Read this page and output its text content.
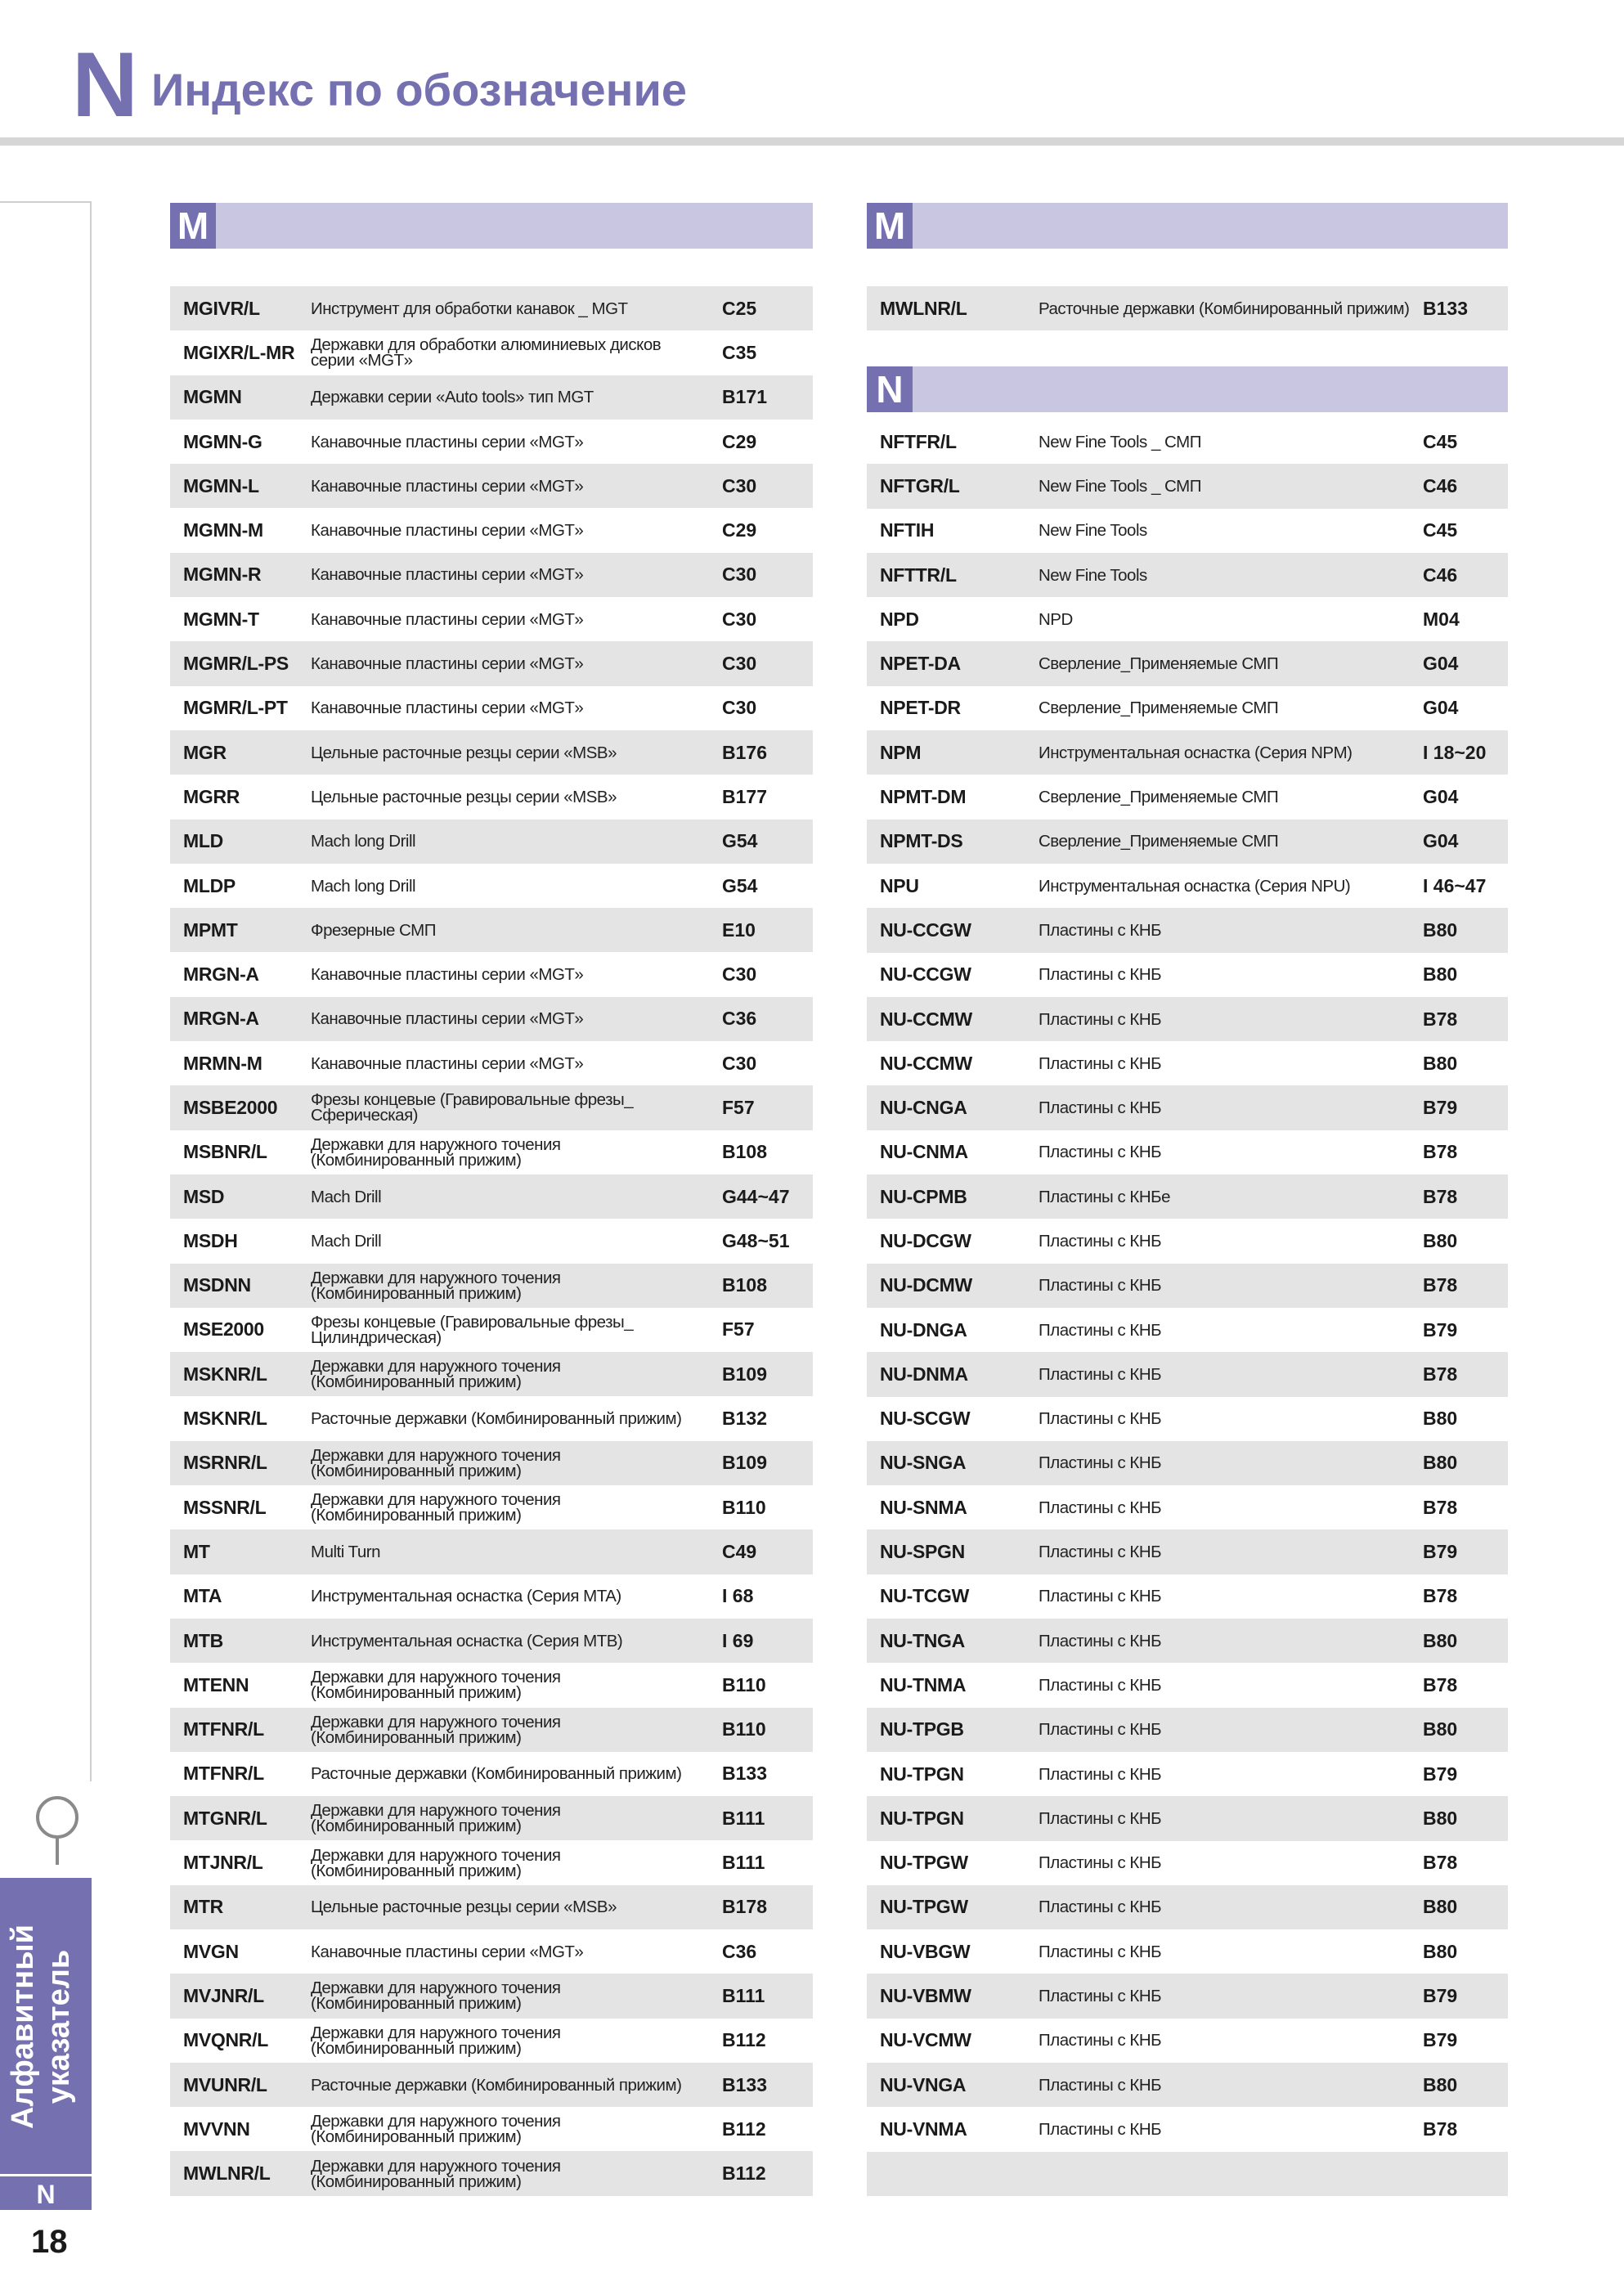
N Индекс по обозначение
Алфавитный указатель
N
18
M
MGIVR/L	Инструмент для обработки канавок _ MGT	C25
MGIXR/L-MR Державки для обработки алюминиевых дисков серии «MGT»	C35
MGMN	Державки серии «Auto tools» тип MGT	B171
MGMN-G	Канавочные пластины серии «MGT»	C29
MGMN-L	Канавочные пластины серии «MGT»	C30
MGMN-M	Канавочные пластины серии «MGT»	C29
MGMN-R	Канавочные пластины серии «MGT»	C30
MGMN-T	Канавочные пластины серии «MGT»	C30
MGMR/L-PS Канавочные пластины серии «MGT»	C30
MGMR/L-PT Канавочные пластины серии «MGT»	C30
MGR	Цельные расточные резцы серии «MSB»	B176
MGRR	Цельные расточные резцы серии «MSB»	B177
MLD	Mach long Drill	G54
MLDP	Mach long Drill	G54
MPMT	Фрезерные СМП	E10
MRGN-A	Канавочные пластины серии «MGT»	C30
MRGN-A	Канавочные пластины серии «MGT»	C36
MRMN-M	Канавочные пластины серии «MGT»	C30
MSBE2000 Фрезы концевые (Гравировальные фрезы_ Сферическая)	F57
MSBNR/L	Державки для наружного точения (Комбинированный прижим)	B108
MSD	Mach Drill	G44~47
MSDH	Mach Drill	G48~51
MSDNN	Державки для наружного точения (Комбинированный прижим)	B108
MSE2000	Фрезы концевые (Гравировальные фрезы_ Цилиндрическая)	F57
MSKNR/L	Державки для наружного точения (Комбинированный прижим)	B109
MSKNR/L	Расточные державки (Комбинированный прижим)	B132
MSRNR/L	Державки для наружного точения (Комбинированный прижим)	B109
MSSNR/L	Державки для наружного точения (Комбинированный прижим)	B110
MT	Multi Turn	C49
MTA	Инструментальная оснастка (Серия MTA)	I 68
MTB	Инструментальная оснастка (Серия MTB)	I 69
MTENN	Державки для наружного точения (Комбинированный прижим)	B110
MTFNR/L	Державки для наружного точения (Комбинированный прижим)	B110
MTFNR/L	Расточные державки (Комбинированный прижим)	B133
MTGNR/L	Державки для наружного точения (Комбинированный прижим)	B111
MTJNR/L	Державки для наружного точения (Комбинированный прижим)	B111
MTR	Цельные расточные резцы серии «MSB»	B178
MVGN	Канавочные пластины серии «MGT»	C36
MVJNR/L	Державки для наружного точения (Комбинированный прижим)	B111
MVQNR/L	Державки для наружного точения (Комбинированный прижим)	B112
MVUNR/L	Расточные державки (Комбинированный прижим)	B133
MVVNN	Державки для наружного точения (Комбинированный прижим)	B112
MWLNR/L Державки для наружного точения (Комбинированный прижим)	B112
M
MWLNR/L	Расточные державки (Комбинированный прижим) B133
N
NFTFR/L	New Fine Tools _ СМП	C45
NFTGR/L	New Fine Tools _ СМП	C46
NFTIH	New Fine Tools	C45
NFTTR/L	New Fine Tools	C46
NPD	NPD	M04
NPET-DA	Сверление_Применяемые СМП	G04
NPET-DR	Сверление_Применяемые СМП	G04
NPM	Инструментальная оснастка (Серия NPM)	I 18~20
NPMT-DM	Сверление_Применяемые СМП	G04
NPMT-DS	Сверление_Применяемые СМП	G04
NPU	Инструментальная оснастка (Серия NPU)	I 46~47
NU-CCGW	Пластины с КНБ	B80
NU-CCGW	Пластины с КНБ	B80
NU-CCMW	Пластины с КНБ	B78
NU-CCMW	Пластины с КНБ	B80
NU-CNGA	Пластины с КНБ	B79
NU-CNMA	Пластины с КНБ	B78
NU-CPMB	Пластины с КНБе	B78
NU-DCGW	Пластины с КНБ	B80
NU-DCMW	Пластины с КНБ	B78
NU-DNGA	Пластины с КНБ	B79
NU-DNMA	Пластины с КНБ	B78
NU-SCGW	Пластины с КНБ	B80
NU-SNGA	Пластины с КНБ	B80
NU-SNMA	Пластины с КНБ	B78
NU-SPGN	Пластины с КНБ	B79
NU-TCGW	Пластины с КНБ	B78
NU-TNGA	Пластины с КНБ	B80
NU-TNMA	Пластины с КНБ	B78
NU-TPGB	Пластины с КНБ	B80
NU-TPGN	Пластины с КНБ	B79
NU-TPGN	Пластины с КНБ	B80
NU-TPGW	Пластины с КНБ	B78
NU-TPGW	Пластины с КНБ	B80
NU-VBGW	Пластины с КНБ	B80
NU-VBMW	Пластины с КНБ	B79
NU-VCMW	Пластины с КНБ	B79
NU-VNGA	Пластины с КНБ	B80
NU-VNMA	Пластины с КНБ	B78
